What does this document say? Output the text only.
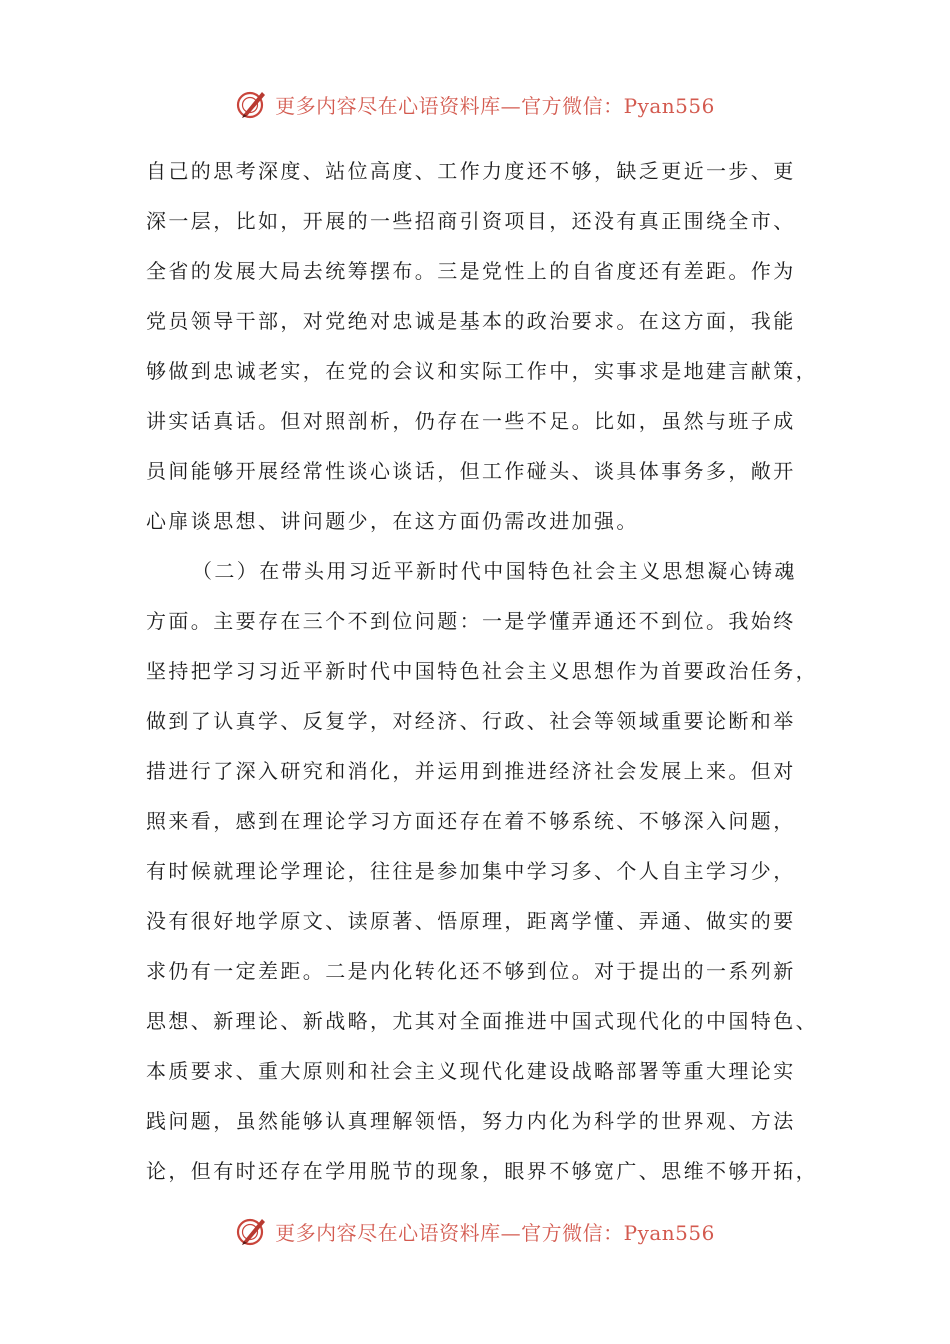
更多内容尽在心语资料库—官方微信：Pyan556
自己的思考深度、站位高度、工作力度还不够，缺乏更近一步、更
深一层，比如，开展的一些招商引资项目，还没有真正围绕全市、
全省的发展大局去统筹摆布。三是党性上的自省度还有差距。作为
党员领导干部，对党绝对忠诚是基本的政治要求。在这方面，我能
够做到忠诚老实，在党的会议和实际工作中，实事求是地建言献策，
讲实话真话。但对照剖析，仍存在一些不足。比如，虽然与班子成
员间能够开展经常性谈心谈话，但工作碰头、谈具体事务多，敞开
心扉谈思想、讲问题少，在这方面仍需改进加强。
（二）在带头用习近平新时代中国特色社会主义思想凝心铸魂
方面。主要存在三个不到位问题：一是学懂弄通还不到位。我始终
坚持把学习习近平新时代中国特色社会主义思想作为首要政治任务，
做到了认真学、反复学，对经济、行政、社会等领域重要论断和举
措进行了深入研究和消化，并运用到推进经济社会发展上来。但对
照来看，感到在理论学习方面还存在着不够系统、不够深入问题，
有时候就理论学理论，往往是参加集中学习多、个人自主学习少，
没有很好地学原文、读原著、悟原理，距离学懂、弄通、做实的要
求仍有一定差距。二是内化转化还不够到位。对于提出的一系列新
思想、新理论、新战略，尤其对全面推进中国式现代化的中国特色、
本质要求、重大原则和社会主义现代化建设战略部署等重大理论实
践问题，虽然能够认真理解领悟，努力内化为科学的世界观、方法
论，但有时还存在学用脱节的现象，眼界不够宽广、思维不够开拓，
更多内容尽在心语资料库—官方微信：Pyan556
